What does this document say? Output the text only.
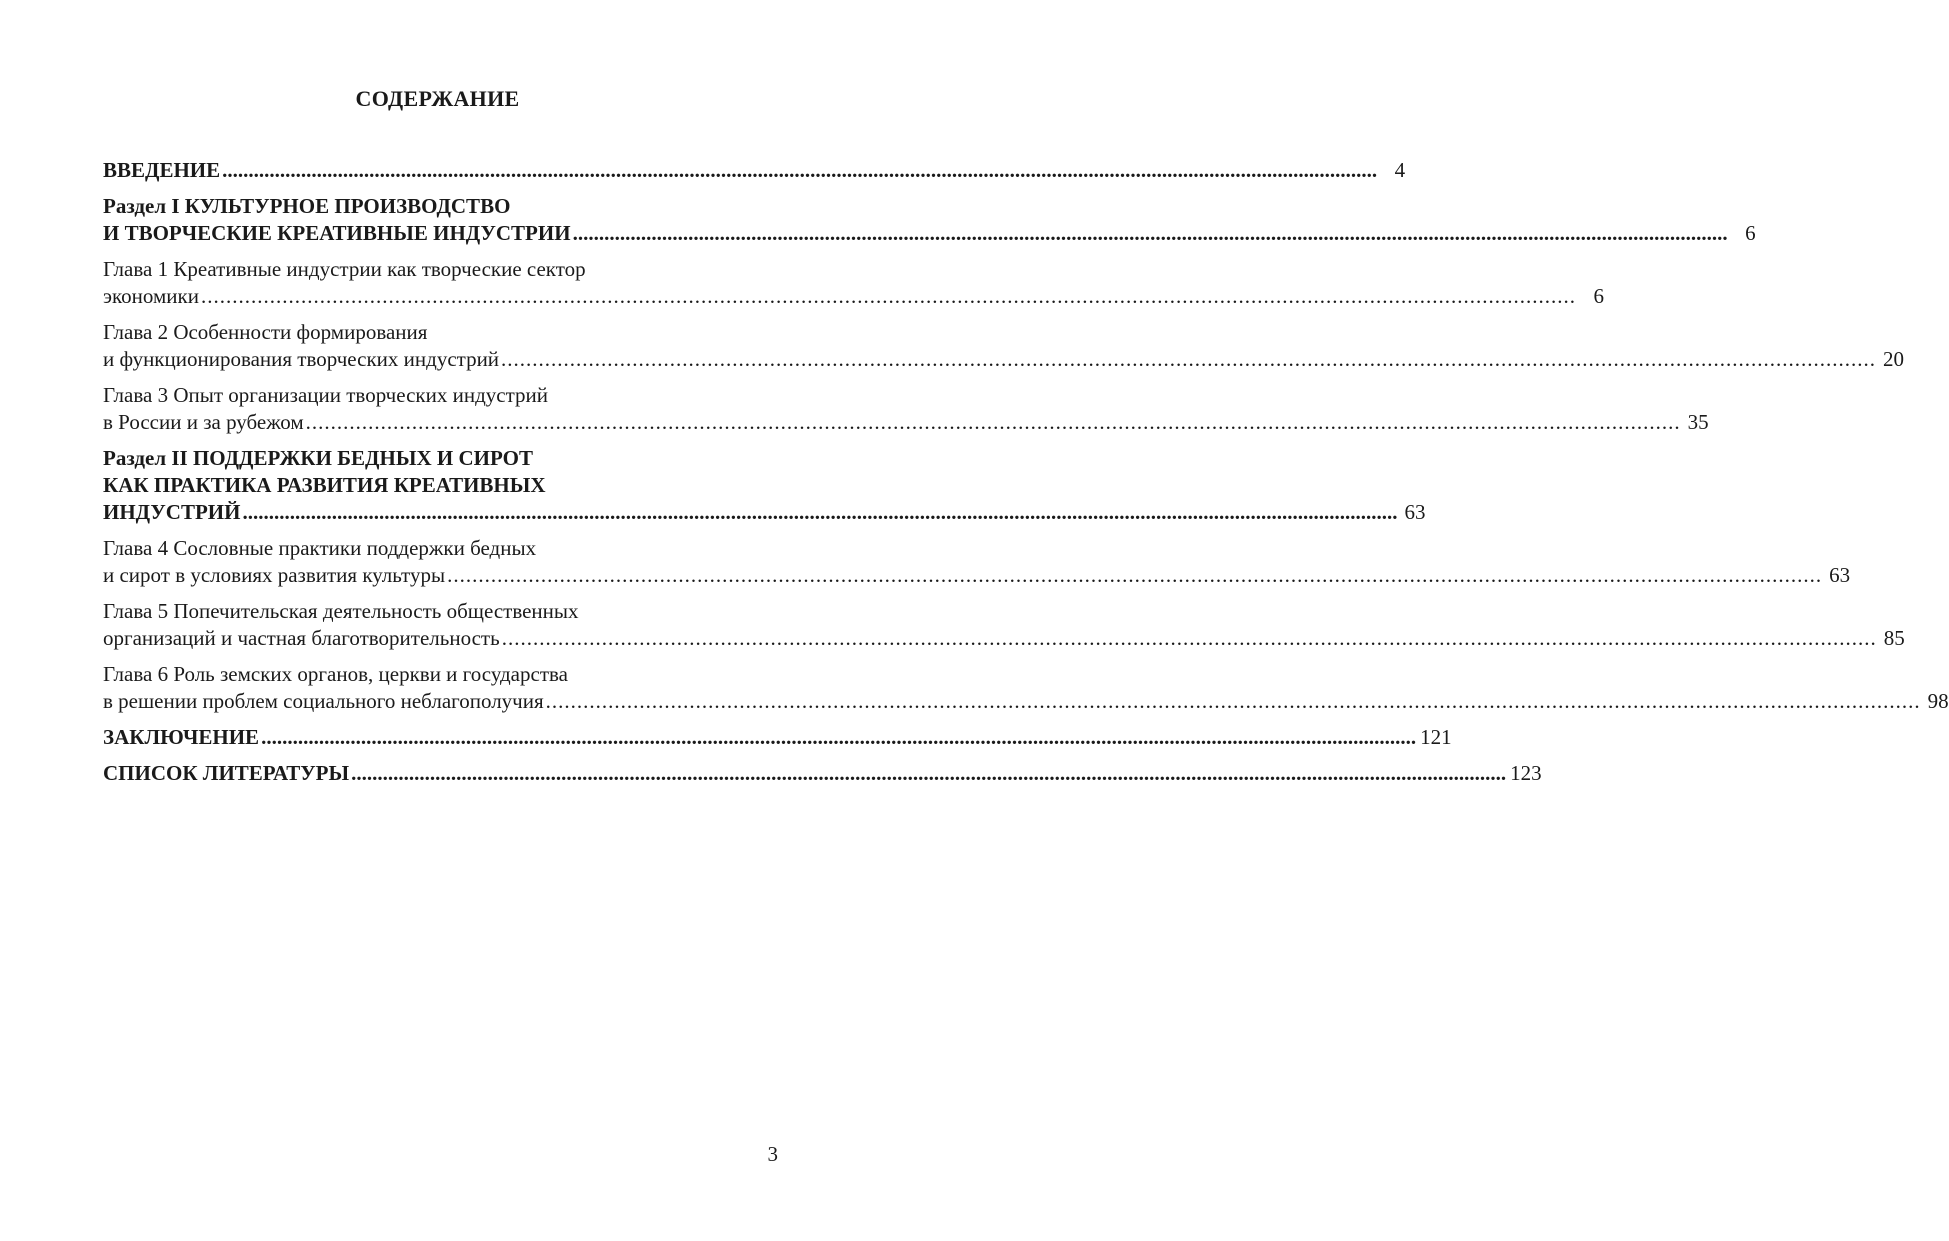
СОДЕРЖАНИЕ
ВВЕДЕНИЕ ............................................................................................................................................................................................................................ 4
Раздел I КУЛЬТУРНОЕ ПРОИЗВОДСТВО
И ТВОРЧЕСКИЕ КРЕАТИВНЫЕ ИНДУСТРИИ ............................................................................................................................................................................................................................ 6
Глава 1 Креативные индустрии как творческие сектор
экономики ............................................................................................................................................................................................................................ 6
Глава 2 Особенности формирования
и функционирования творческих индустрий ............................................................................................................................................................................................................................ 20
Глава 3 Опыт организации творческих индустрий
в России и за рубежом ............................................................................................................................................................................................................................ 35
Раздел II ПОДДЕРЖКИ БЕДНЫХ И СИРОТ
КАК ПРАКТИКА РАЗВИТИЯ КРЕАТИВНЫХ
ИНДУСТРИЙ ............................................................................................................................................................................................................................ 63
Глава 4 Сословные практики поддержки бедных
и сирот в условиях развития культуры ............................................................................................................................................................................................................................ 63
Глава 5 Попечительская деятельность общественных
организаций и частная благотворительность ............................................................................................................................................................................................................................ 85
Глава 6 Роль земских органов, церкви и государства
в решении проблем социального неблагополучия ............................................................................................................................................................................................................................ 98
ЗАКЛЮЧЕНИЕ ............................................................................................................................................................................................................................ 121
СПИСОК ЛИТЕРАТУРЫ ............................................................................................................................................................................................................................ 123
3
